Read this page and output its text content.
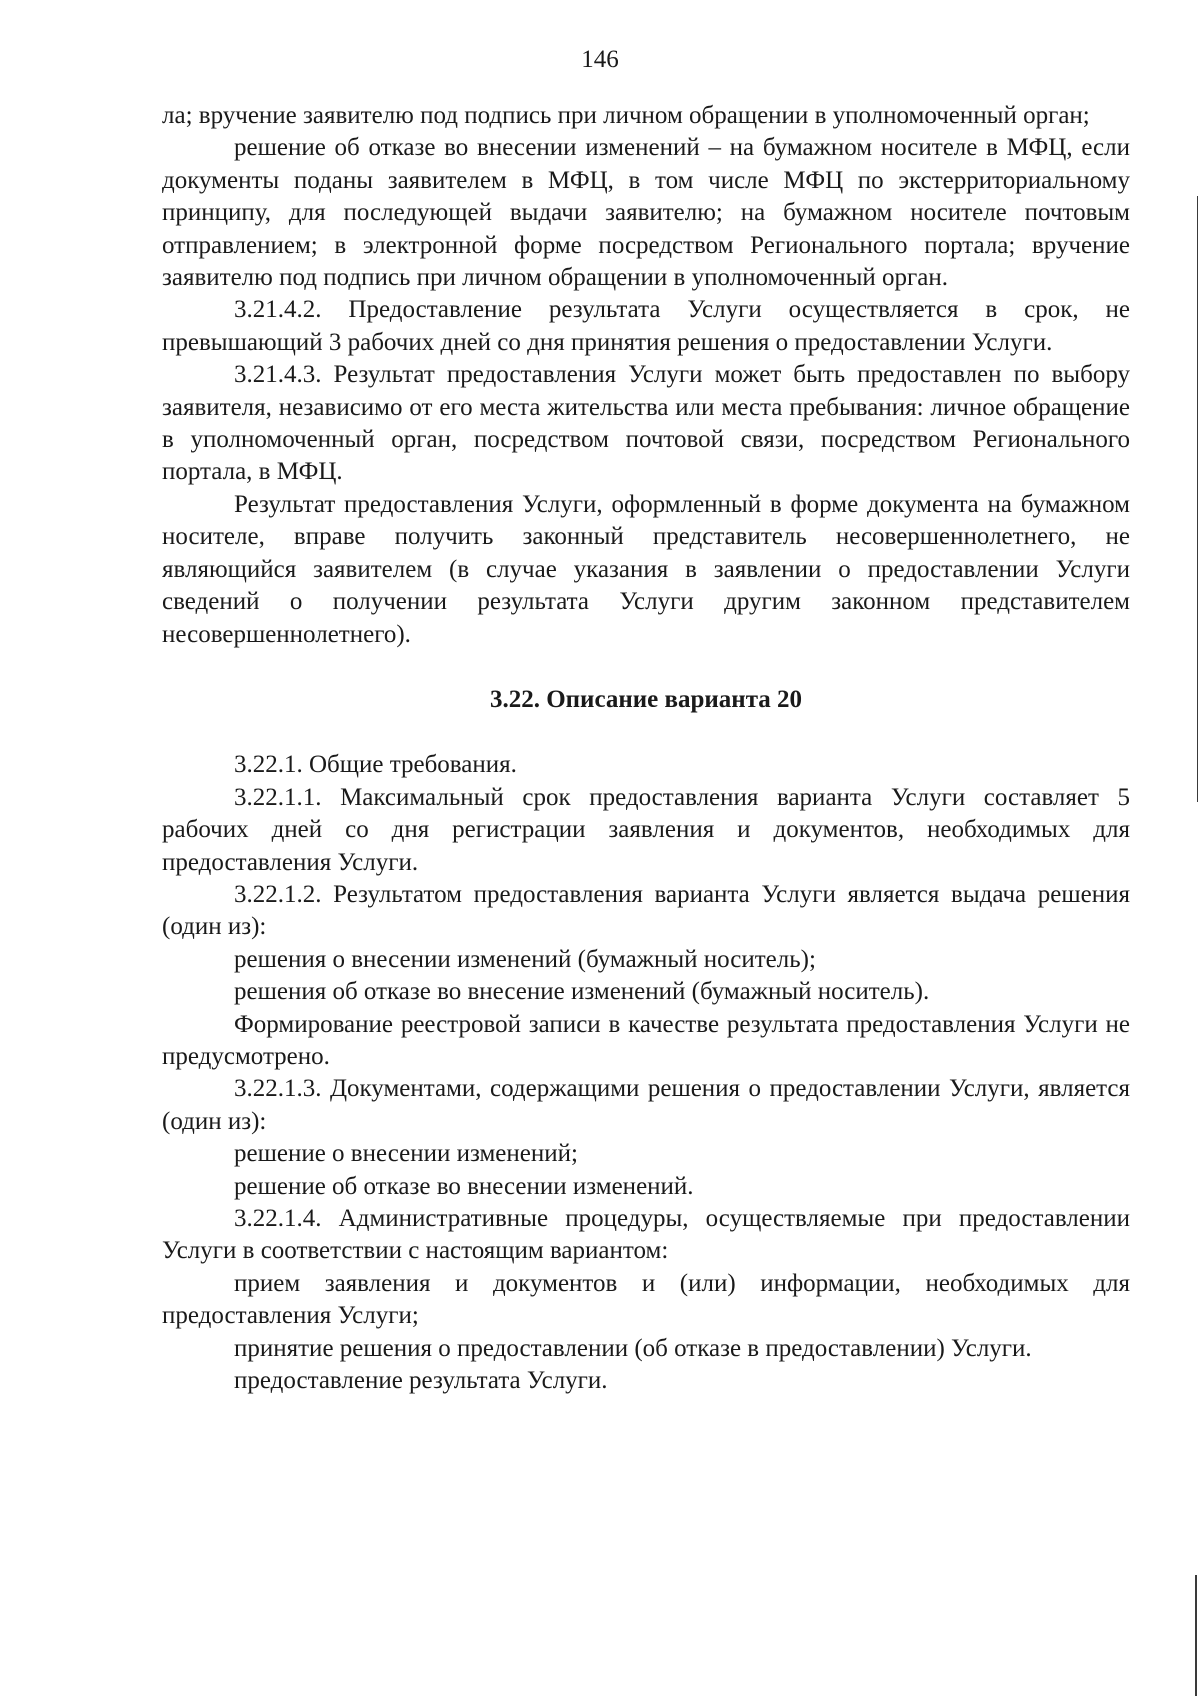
146

ла; вручение заявителю под подпись при личном обращении в уполномоченный орган;

решение об отказе во внесении изменений – на бумажном носителе в МФЦ, если документы поданы заявителем в МФЦ, в том числе МФЦ по экстерриториальному принципу, для последующей выдачи заявителю; на бумажном носителе почтовым отправлением; в электронной форме посредством Регионального портала; вручение заявителю под подпись при личном обращении в уполномоченный орган.

3.21.4.2. Предоставление результата Услуги осуществляется в срок, не превышающий 3 рабочих дней со дня принятия решения о предоставлении Услуги.

3.21.4.3. Результат предоставления Услуги может быть предоставлен по выбору заявителя, независимо от его места жительства или места пребывания: личное обращение в уполномоченный орган, посредством почтовой связи, посредством Регионального портала, в МФЦ.

Результат предоставления Услуги, оформленный в форме документа на бумажном носителе, вправе получить законный представитель несовершеннолетнего, не являющийся заявителем (в случае указания в заявлении о предоставлении Услуги сведений о получении результата Услуги другим законном представителем несовершеннолетнего).

3.22. Описание варианта 20

3.22.1. Общие требования.

3.22.1.1. Максимальный срок предоставления варианта Услуги составляет 5 рабочих дней со дня регистрации заявления и документов, необходимых для предоставления Услуги.

3.22.1.2. Результатом предоставления варианта Услуги является выдача решения (один из):

решения о внесении изменений (бумажный носитель);

решения об отказе во внесение изменений (бумажный носитель).

Формирование реестровой записи в качестве результата предоставления Услуги не предусмотрено.

3.22.1.3. Документами, содержащими решения о предоставлении Услуги, является (один из):

решение о внесении изменений;

решение об отказе во внесении изменений.

3.22.1.4. Административные процедуры, осуществляемые при предоставлении Услуги в соответствии с настоящим вариантом:

прием заявления и документов и (или) информации, необходимых для предоставления Услуги;

принятие решения о предоставлении (об отказе в предоставлении) Услуги.

предоставление результата Услуги.
